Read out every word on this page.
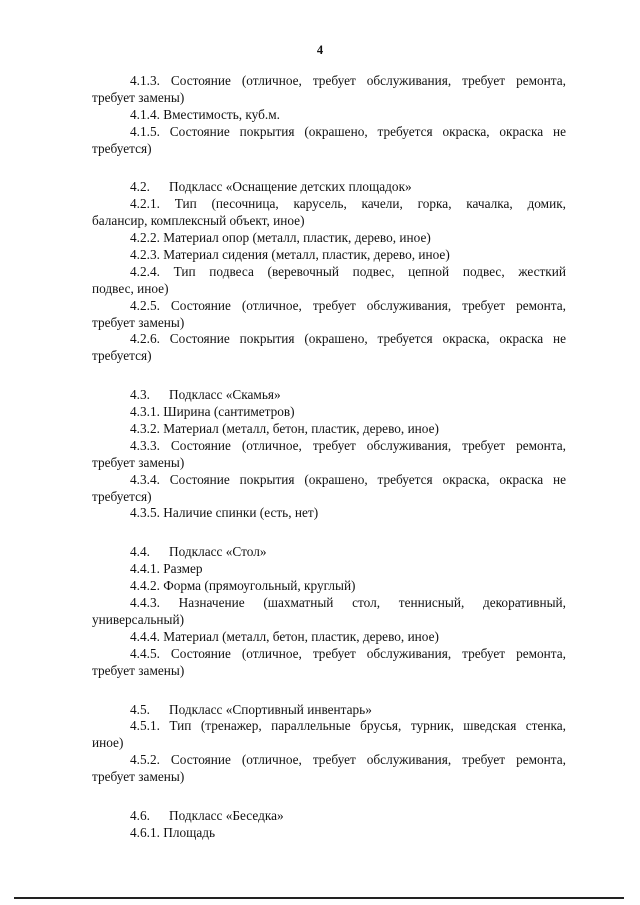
4
4.1.3. Состояние (отличное, требует обслуживания, требует ремонта,
требует замены)
4.1.4. Вместимость, куб.м.
4.1.5. Состояние покрытия (окрашено, требуется окраска, окраска не
требуется)
4.2. Подкласс «Оснащение детских площадок»
4.2.1. Тип (песочница, карусель, качели, горка, качалка, домик,
балансир, комплексный объект, иное)
4.2.2. Материал опор (металл, пластик, дерево, иное)
4.2.3. Материал сидения (металл, пластик, дерево, иное)
4.2.4. Тип подвеса (веревочный подвес, цепной подвес, жесткий
подвес, иное)
4.2.5. Состояние (отличное, требует обслуживания, требует ремонта,
требует замены)
4.2.6. Состояние покрытия (окрашено, требуется окраска, окраска не
требуется)
4.3. Подкласс «Скамья»
4.3.1. Ширина (сантиметров)
4.3.2. Материал (металл, бетон, пластик, дерево, иное)
4.3.3. Состояние (отличное, требует обслуживания, требует ремонта,
требует замены)
4.3.4. Состояние покрытия (окрашено, требуется окраска, окраска не
требуется)
4.3.5. Наличие спинки (есть, нет)
4.4. Подкласс «Стол»
4.4.1. Размер
4.4.2. Форма (прямоугольный, круглый)
4.4.3. Назначение (шахматный стол, теннисный, декоративный,
универсальный)
4.4.4. Материал (металл, бетон, пластик, дерево, иное)
4.4.5. Состояние (отличное, требует обслуживания, требует ремонта,
требует замены)
4.5. Подкласс «Спортивный инвентарь»
4.5.1. Тип (тренажер, параллельные брусья, турник, шведская стенка,
иное)
4.5.2. Состояние (отличное, требует обслуживания, требует ремонта,
требует замены)
4.6. Подкласс «Беседка»
4.6.1. Площадь
